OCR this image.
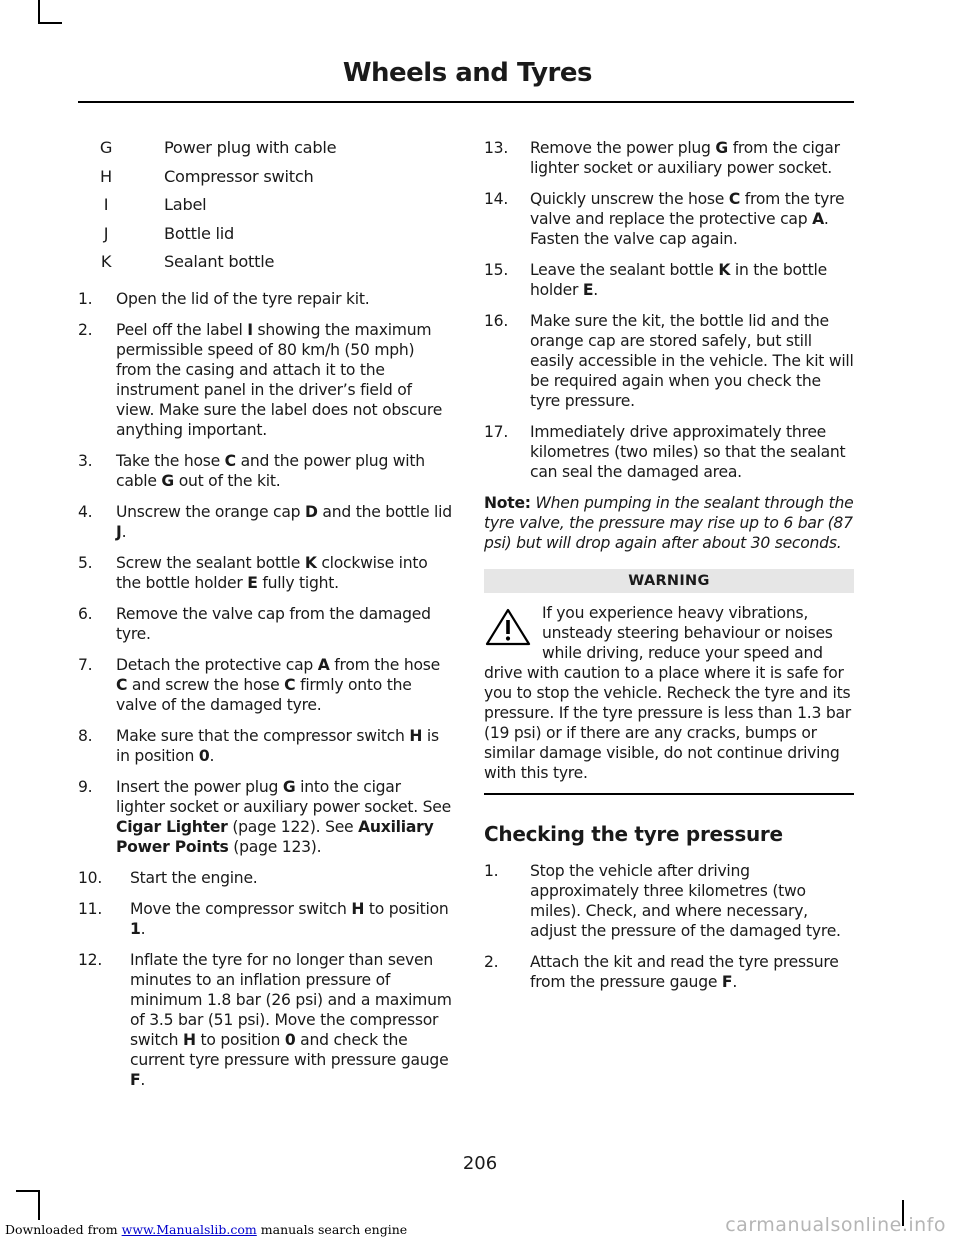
Wheels and Tyres
G	Power plug with cable
H	Compressor switch
I	Label
J	Bottle lid
K	Sealant bottle
1.	Open the lid of the tyre repair kit.
2.	Peel off the label I showing the maximum permissible speed of 80 km/h (50 mph) from the casing and attach it to the instrument panel in the driver’s field of view. Make sure the label does not obscure anything important.
3.	Take the hose C and the power plug with cable G out of the kit.
4.	Unscrew the orange cap D and the bottle lid J.
5.	Screw the sealant bottle K clockwise into the bottle holder E fully tight.
6.	Remove the valve cap from the damaged tyre.
7.	Detach the protective cap A from the hose C and screw the hose C firmly onto the valve of the damaged tyre.
8.	Make sure that the compressor switch H is in position 0.
9.	Insert the power plug G into the cigar lighter socket or auxiliary power socket. See Cigar Lighter (page 122). See Auxiliary Power Points (page 123).
10.	Start the engine.
11.	Move the compressor switch H to position 1.
12.	Inflate the tyre for no longer than seven minutes to an inflation pressure of minimum 1.8 bar (26 psi) and a maximum of 3.5 bar (51 psi). Move the compressor switch H to position 0 and check the current tyre pressure with pressure gauge F.
13.	Remove the power plug G from the cigar lighter socket or auxiliary power socket.
14.	Quickly unscrew the hose C from the tyre valve and replace the protective cap A. Fasten the valve cap again.
15.	Leave the sealant bottle K in the bottle holder E.
16.	Make sure the kit, the bottle lid and the orange cap are stored safely, but still easily accessible in the vehicle. The kit will be required again when you check the tyre pressure.
17.	Immediately drive approximately three kilometres (two miles) so that the sealant can seal the damaged area.
Note: When pumping in the sealant through the tyre valve, the pressure may rise up to 6 bar (87 psi) but will drop again after about 30 seconds.
WARNING
If you experience heavy vibrations, unsteady steering behaviour or noises while driving, reduce your speed and drive with caution to a place where it is safe for you to stop the vehicle. Recheck the tyre and its pressure. If the tyre pressure is less than 1.3 bar (19 psi) or if there are any cracks, bumps or similar damage visible, do not continue driving with this tyre.
Checking the tyre pressure
1.	Stop the vehicle after driving approximately three kilometres (two miles). Check, and where necessary, adjust the pressure of the damaged tyre.
2.	Attach the kit and read the tyre pressure from the pressure gauge F.
206
Downloaded from www.Manualslib.com manuals search engine	carmanualsonline.info
